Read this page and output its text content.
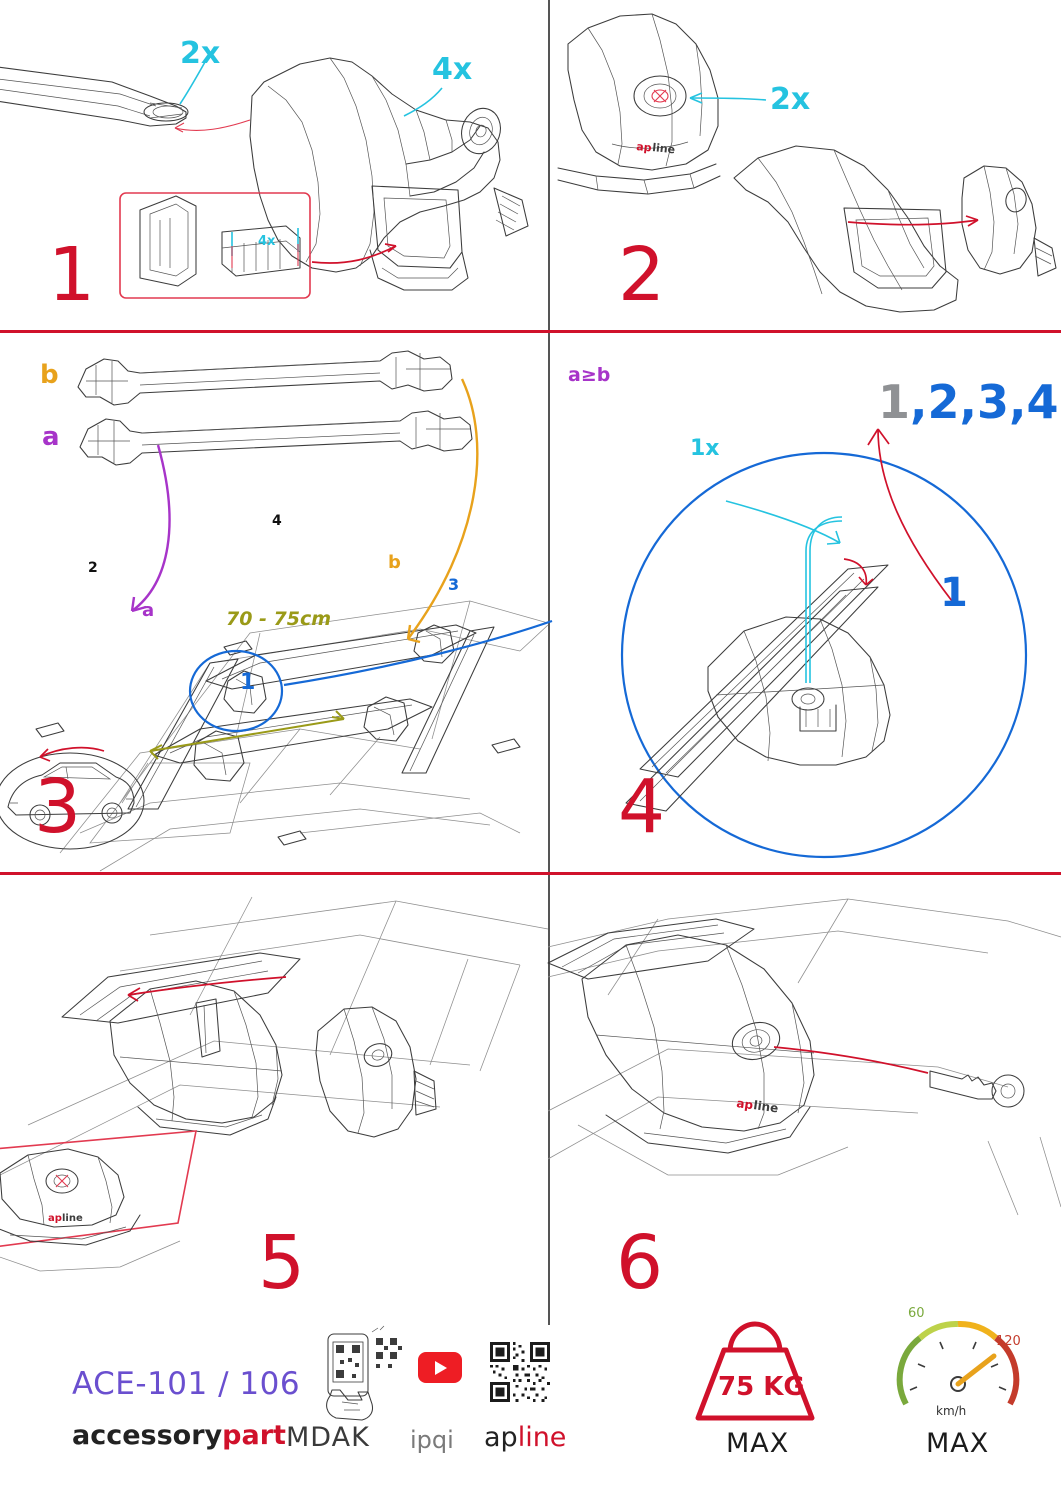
1
2x	4x
4x
ap line
2
2x
3
b
a
a
b
70 - 75cm
1
2
3
4
4
a≥b
1x
1
1,2,3,4
ap line
5
ap
line
6
ACE-101 / 106
accessorypart MDAK ipqi apline
75 KG
MAX
60
120
km/h
MAX
